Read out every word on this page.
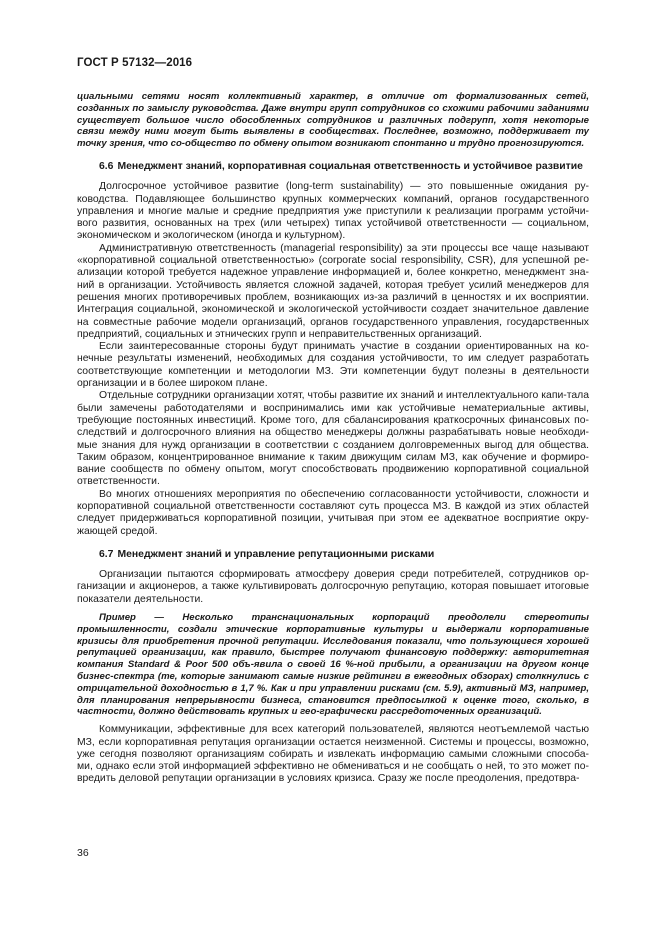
ГОСТ Р 57132—2016

циальными сетями носят коллективный характер, в отличие от формализованных сетей, созданных по замыслу руководства. Даже внутри групп сотрудников со схожими рабочими заданиями существует большое число обособленных сотрудников и различных подгрупп, хотя некоторые связи между ними могут быть выявлены в сообществах. Последнее, возможно, поддерживает ту точку зрения, что со-общество по обмену опытом возникают спонтанно и трудно прогнозируются.

6.6 Менеджмент знаний, корпоративная социальная ответственность и устойчивое развитие

Долгосрочное устойчивое развитие (long-term sustainability) — это повышенные ожидания ру-ководства. Подавляющее большинство крупных коммерческих компаний, органов государственного управления и многие малые и средние предприятия уже приступили к реализации программ устойчи-вого развития, основанных на трех (или четырех) типах устойчивой ответственности — социальном, экономическом и экологическом (иногда и культурном).

Административную ответственность (managerial responsibility) за эти процессы все чаще называют «корпоративной социальной ответственностью» (corporate social responsibility, CSR), для успешной ре-ализации которой требуется надежное управление информацией и, более конкретно, менеджмент зна-ний в организации. Устойчивость является сложной задачей, которая требует усилий менеджеров для решения многих противоречивых проблем, возникающих из-за различий в ценностях и их восприятии. Интеграция социальной, экономической и экологической устойчивости создает значительное давление на совместные рабочие модели организаций, органов государственного управления, государственных предприятий, социальных и этнических групп и неправительственных организаций.

Если заинтересованные стороны будут принимать участие в создании ориентированных на ко-нечные результаты изменений, необходимых для создания устойчивости, то им следует разработать соответствующие компетенции и методологии МЗ. Эти компетенции будут полезны в деятельности организации и в более широком плане.

Отдельные сотрудники организации хотят, чтобы развитие их знаний и интеллектуального капи-тала были замечены работодателями и воспринимались ими как устойчивые нематериальные активы, требующие постоянных инвестиций. Кроме того, для сбалансирования краткосрочных финансовых по-следствий и долгосрочного влияния на общество менеджеры должны разрабатывать новые необходи-мые знания для нужд организации в соответствии с созданием долговременных выгод для общества. Таким образом, концентрированное внимание к таким движущим силам МЗ, как обучение и формиро-вание сообществ по обмену опытом, могут способствовать продвижению корпоративной социальной ответственности.

Во многих отношениях мероприятия по обеспечению согласованности устойчивости, сложности и корпоративной социальной ответственности составляют суть процесса МЗ. В каждой из этих областей следует придерживаться корпоративной позиции, учитывая при этом ее адекватное восприятие окру-жающей средой.

6.7 Менеджмент знаний и управление репутационными рисками

Организации пытаются сформировать атмосферу доверия среди потребителей, сотрудников ор-ганизации и акционеров, а также культивировать долгосрочную репутацию, которая повышает итоговые показатели деятельности.

Пример — Несколько транснациональных корпораций преодолели стереотипы промышленности, создали этические корпоративные культуры и выдержали корпоративные кризисы для приобретения прочной репутации. Исследования показали, что пользующиеся хорошей репутацией организации, как правило, быстрее получают финансовую поддержку: авторитетная компания Standard & Poor 500 объ-явила о своей 16 %-ной прибыли, а организации на другом конце бизнес-спектра (те, которые занимают самые низкие рейтинги в ежегодных обзорах) столкнулись с отрицательной доходностью в 1,7 %. Как и при управлении рисками (см. 5.9), активный МЗ, например, для планирования непрерывности бизнеса, становится предпосылкой к оценке того, сколько, в частности, должно действовать крупных и гео-графически рассредоточенных организаций.

Коммуникации, эффективные для всех категорий пользователей, являются неотъемлемой частью МЗ, если корпоративная репутация организации остается неизменной. Системы и процессы, возможно, уже сегодня позволяют организациям собирать и извлекать информацию самыми сложными способа-ми, однако если этой информацией эффективно не обмениваться и не сообщать о ней, то это может по-вредить деловой репутации организации в условиях кризиса. Сразу же после преодоления, предотвра-

36
